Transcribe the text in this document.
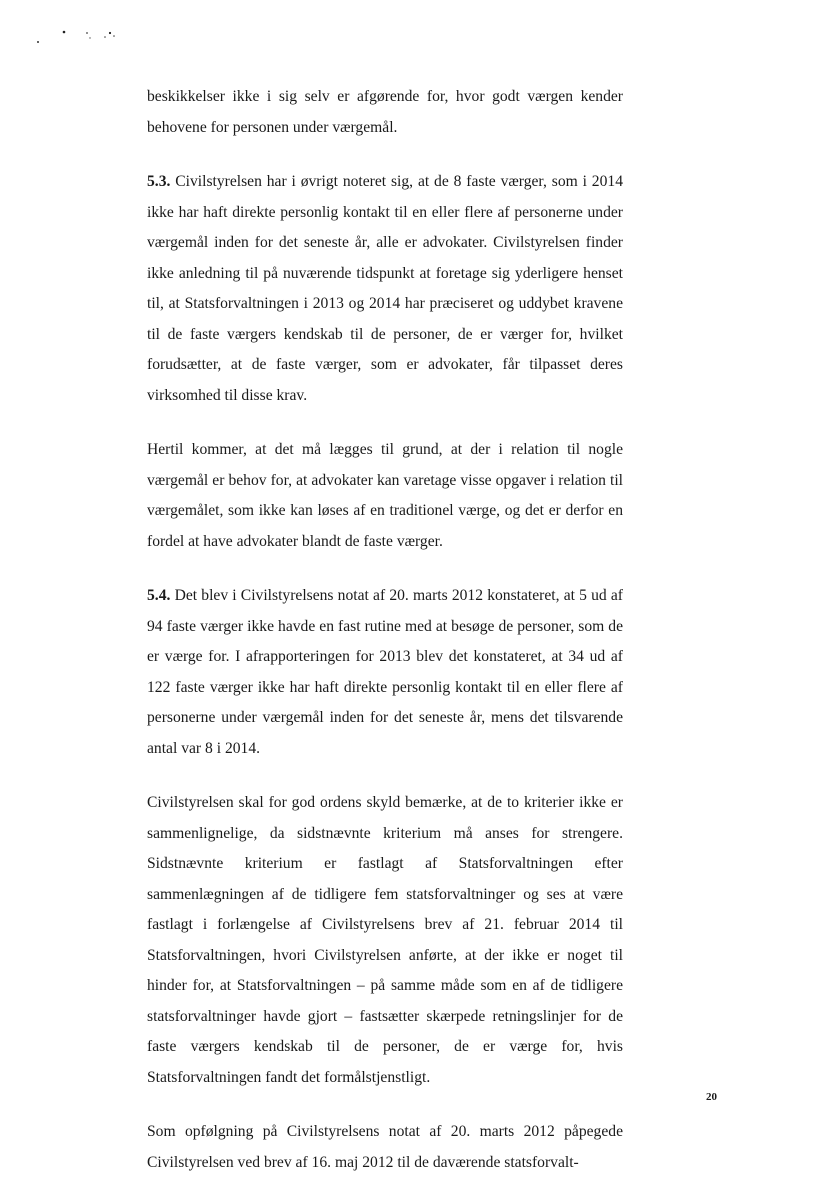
beskikkelser ikke i sig selv er afgørende for, hvor godt værgen kender behovene for personen under værgemål.

5.3. Civilstyrelsen har i øvrigt noteret sig, at de 8 faste værger, som i 2014 ikke har haft direkte personlig kontakt til en eller flere af personerne under værgemål inden for det seneste år, alle er advokater. Civilstyrelsen finder ikke anledning til på nuværende tidspunkt at foretage sig yderligere henset til, at Statsforvaltningen i 2013 og 2014 har præciseret og uddybet kravene til de faste værgers kendskab til de personer, de er værger for, hvilket forudsætter, at de faste værger, som er advokater, får tilpasset deres virksomhed til disse krav.

Hertil kommer, at det må lægges til grund, at der i relation til nogle værgemål er behov for, at advokater kan varetage visse opgaver i relation til værgemålet, som ikke kan løses af en traditionel værge, og det er derfor en fordel at have advokater blandt de faste værger.

5.4. Det blev i Civilstyrelsens notat af 20. marts 2012 konstateret, at 5 ud af 94 faste værger ikke havde en fast rutine med at besøge de personer, som de er værge for. I afrapporteringen for 2013 blev det konstateret, at 34 ud af 122 faste værger ikke har haft direkte personlig kontakt til en eller flere af personerne under værgemål inden for det seneste år, mens det tilsvarende antal var 8 i 2014.

Civilstyrelsen skal for god ordens skyld bemærke, at de to kriterier ikke er sammenlignelige, da sidstnævnte kriterium må anses for strengere. Sidstnævnte kriterium er fastlagt af Statsforvaltningen efter sammenlægningen af de tidligere fem statsforvaltninger og ses at være fastlagt i forlængelse af Civilstyrelsens brev af 21. februar 2014 til Statsforvaltningen, hvori Civilstyrelsen anførte, at der ikke er noget til hinder for, at Statsforvaltningen – på samme måde som en af de tidligere statsforvaltninger havde gjort – fastsætter skærpede retningslinjer for de faste værgers kendskab til de personer, de er værge for, hvis Statsforvaltningen fandt det formålstjenstligt.

Som opfølgning på Civilstyrelsens notat af 20. marts 2012 påpegede Civilstyrelsen ved brev af 16. maj 2012 til de daværende statsforvalt-

20
